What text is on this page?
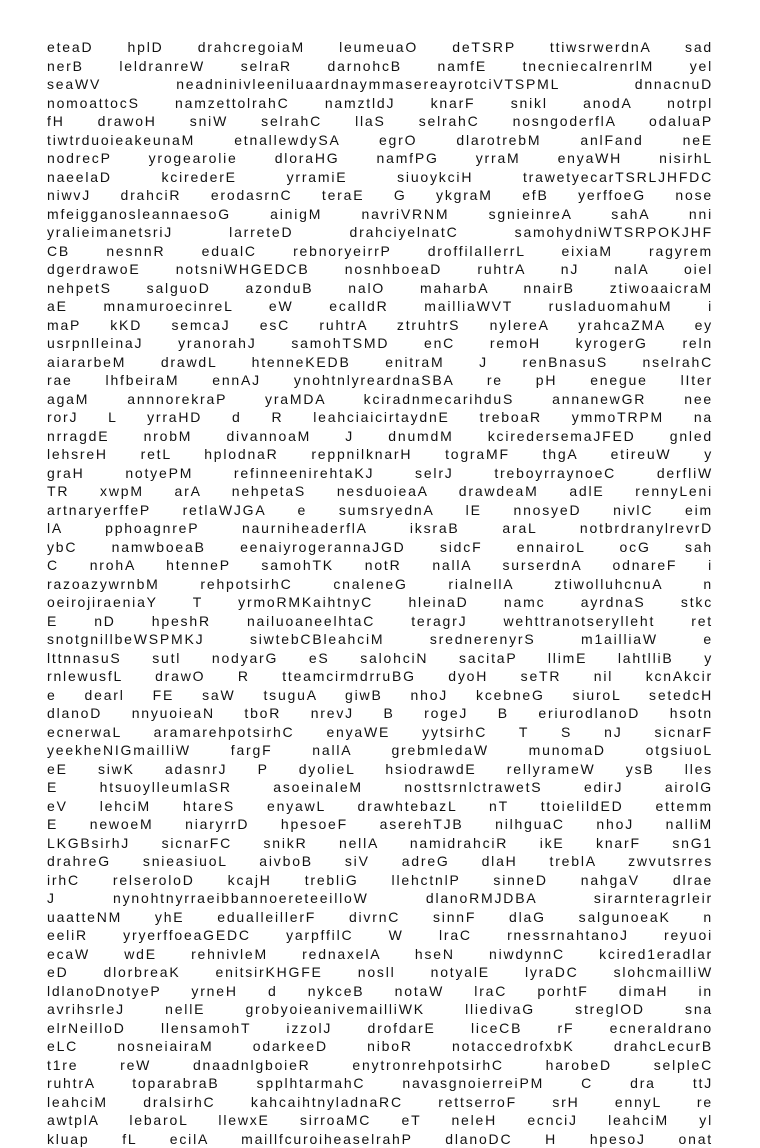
eteaD hplD drahcregoiaM leumeuaO deTSRP ttiwsrwerdnA sad
nerB leldranreW selraR darnohcB namfE tnecniecalrenrlM yel
seaWV neadninivleeniluaardnaymmasereayrotciVTSPML dnnacnuD
nomoattocS namzettolrahC namztldJ knarF snikl anodA notrpl
fH drawoH sniW selrahC llaS selrahC nosngoderflA odaluaP
tiwtrduoieakeunaM etnallewdySA egrO dlarotrebM anlFand neE
nodrecP yrogearolie dloraHG namfPG yrraM enyaWH nisirhL
naeelaD kcirederE yrramiE siuoykciH trawetyecarTSRLJHFDC
niwvJ drahciR erodasrnC teraE G ykgraM efB yerffoeG nose
mfeigganosleannaesoG ainigM navriVRNM sgnieinreA sahA nni
yralieimanetsriJ larreteD drahciyelnatC samohydniWTSRPOKJHF
CB nesnnR edualC rebnoryeirrP droffilallerrL eixiaM ragyrem
dgerdrawoE notsniWHGEDCB nosnhboeaD ruhtrA nJ nalA oiel
nehpetS salguoD azonduB nalO maharbA nnairB ztiwoaaicraM
aE mnamuroecinreL eW ecalldR mailliaWVT rusladuomahuM i
maP kKD semcaJ esC ruhtrA ztruhtrS nylereA yrahcaZMA ey
usrpnlleinaJ yranorahJ samohTSMD enC remoH kyrogerG reln
aiararbeM drawdL htenneKEDB enitraM J renBnasuS nselrahC
rae lhfbeiraM ennAJ ynohtnlyreardnaSBA re pH enegue lIter
agaM annnorekraP yraMDA kciradnmecarihduS annanewGR nee
rorJ L yrraHD d R leahciaicirtaydnE treboaR ymmoTRPM na
nrragdE nrobM divannoaM J dnumdM kciredersemaJFED gnled
lehsreH retL hplodnaR reppnilknarH tograMF thgA etireuW y
graH notyePM refinneenirehtaKJ selrJ treboyrraynoeC derfliW
TR xwpM arA nehpetaS nesduoieaA drawdeaM adlE rennyLeni
artnaryerffeP retlaWJGA e sumsryednA lE nnosyeD nivlC eim
lA pphoagnreP naurniheaderflA iksraB araL notbrdranylrevrD
ybC namwboeaB eenaiyrogerannaJGD sidcF ennairoL ocG sah
C nrohA htenneP samohTK notR nallA surserdnA odnareF i
razoazywrnbM rehpotsirhC cnaleneG rialnellA ztiwolluhcnuA n
oeirojiraeniaY T yrmoRMKaihtnyC hleinaD namc ayrdnaS stkc
E nD hpeshR nailuoaneelhtaC teragrJ wehttranotserylleht ret
snotgnillbeWSPMKJ siwtebCBleahciM srednerenyrS m1ailliaW e
lttnnasuS sutl nodyarG eS salohciN sacitaP llimE lahtlliB y
rnlewusfL drawO R tteamcirmdrruBG dyoH seTR nil kcnAkcir
e dearl FE saW tsuguA giwB nhoJ kcebneG siuroL setedcH
dlanoD nnyuoieaN tboR nrevJ B rogeJ B eriurodlanoD hsotn
ecnerwaL aramarehpotsirhC enyaWE yytsirhC T S nJ sicnarF
yeekheNIGmailliW fargF nallA grebmledaW munomaD otgsiuoL
eE siwK adasnrJ P dyolieL hsiodrawdE rellyrameW ysB lles
E htsuoylleumlaSR asoeinaleM nosttsrnlctrawetS edirJ airolG
eV lehciM htareS enyawL drawhtebazL nT ttoielildED ettemm
E newoeM niaryrrD hpesoeF aserehTJB nilhguaC nhoJ nalliM
LKGBsirhJ sicnarFC snikR nellA namidrahciR ikE knarF snG1
drahreG snieasiuoL aivboB siV adreG dlaH treblA zwvutsrres
irhC relseroloD kcajH trebliG llehctnlP sinneD nahgaV dlrae
J nynohtnyrraeibbannoereteeilloW dlanoRMJDBA sirarnteragrleir
uaatteNM yhE edualleillerF divrnC sinnF dlaG salgunoeaK n
eeliR yryerffoeaGEDC yarpffilC W lraC rnessrnahtanoJ reyuoi
ecaW wdE rehnivleM rednaxelA hseN niwdynnC kcired1eradlar
eD dlorbreaK enitsirKHGFE nosll notyalE lyraDC slohcmailliW
ldlanoDnotyeP yrneH d nykceB notaW lraC porhtF dimaH in
avrihsrleJ nellE grobyoieanivemailliWK lliedivaG streglOD sna
elrNeilloD llensamohT izzolJ drofdarE liceCB rF ecneraldrano
eLC nosneiairaM odarkeeD niboR notaccedrofxbK drahcLecurB
t1re reW dnaadnlgboieR enytronrehpotsirhC harobeD selpleC
ruhtrA toparabraB spplhtarmahC navasgnoierreiPM C dra ttJ
leahciM dralsirhC kahcaihtnyladnaRC rettserroF srH ennyL re
awtplA lebaroL llewxE sirroaMC eT neleH ecnciJ leahciM yl
kluap fL ecilA maillfcuroiheaselrahP dlanoDC H hpesoJ onat
